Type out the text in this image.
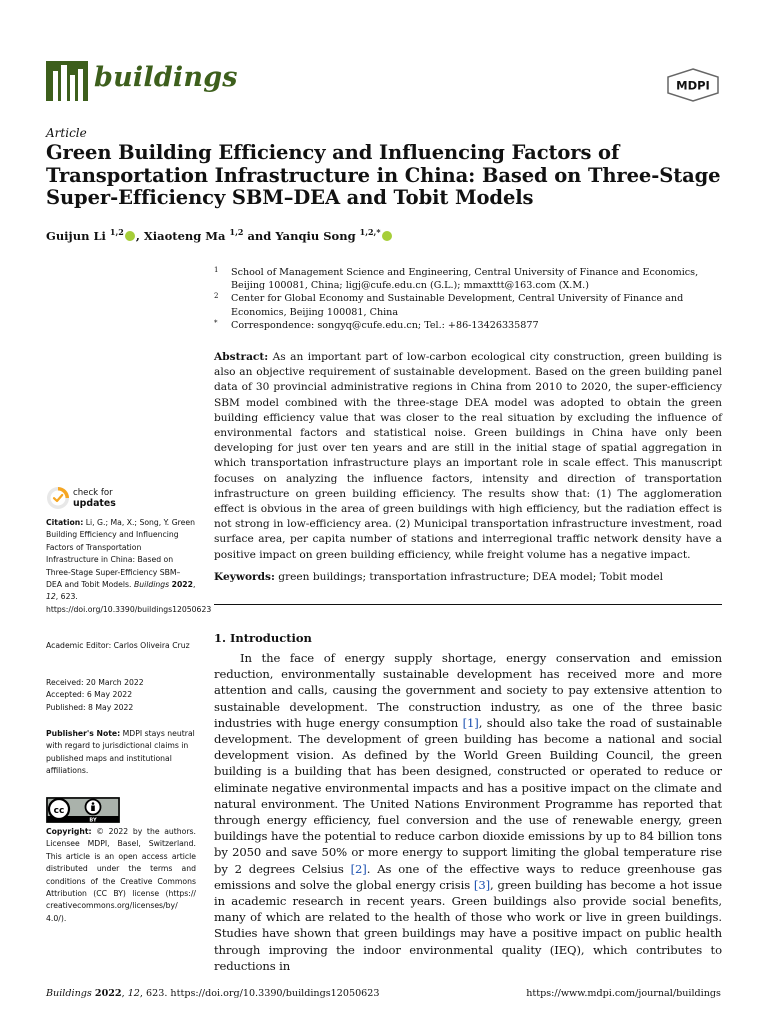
buildings	MDPI
Article
Green Building Efficiency and Influencing Factors of Transportation Infrastructure in China: Based on Three-Stage Super-Efficiency SBM–DEA and Tobit Models
Guijun Li $^{1,2}$ , Xiaoteng Ma $^{1,2}$ and Yanqiu Song $^{1,2,*}$
1 School of Management Science and Engineering, Central University of Finance and Economics, Beijing 100081, China; ligj@cufe.edu.cn (G.L.); mmaxttt@163.com (X.M.)
2 Center for Global Economy and Sustainable Development, Central University of Finance and Economics, Beijing 100081, China
* Correspondence: songyq@cufe.edu.cn; Tel.: +86-13426335877
Abstract: As an important part of low-carbon ecological city construction, green building is also an objective requirement of sustainable development. Based on the green building panel data of 30 provincial administrative regions in China from 2010 to 2020, the super-efficiency SBM model combined with the three-stage DEA model was adopted to obtain the green building efficiency value that was closer to the real situation by excluding the influence of environmental factors and statistical noise. Green buildings in China have only been developing for just over ten years and are still in the initial stage of spatial aggregation in which transportation infrastructure plays an important role in scale effect. This manuscript focuses on analyzing the influence factors, intensity and direction of transportation infrastructure on green building efficiency. The results show that: (1) The agglomeration effect is obvious in the area of green buildings with high efficiency, but the radiation effect is not strong in low-efficiency area. (2) Municipal transportation infrastructure investment, road surface area, per capita number of stations and interregional traffic network density have a positive impact on green building efficiency, while freight volume has a negative impact.
Keywords: green buildings; transportation infrastructure; DEA model; Tobit model
check for
updates
Citation: Li, G.; Ma, X.; Song, Y. Green Building Efficiency and Influencing Factors of Transportation Infrastructure in China: Based on Three-Stage Super-Efficiency SBM–DEA and Tobit Models. Buildings 2022, 12, 623. https://doi.org/10.3390/buildings12050623
Academic Editor: Carlos Oliveira Cruz
Received: 20 March 2022
Accepted: 6 May 2022
Published: 8 May 2022
Publisher's Note: MDPI stays neutral with regard to jurisdictional claims in published maps and institutional affiliations.
cc
BY
Copyright: © 2022 by the authors. Licensee MDPI, Basel, Switzerland. This article is an open access article distributed under the terms and conditions of the Creative Commons Attribution (CC BY) license (https:// creativecommons.org/licenses/by/ 4.0/).
1. Introduction
In the face of energy supply shortage, energy conservation and emission reduction, environmentally sustainable development has received more and more attention and calls, causing the government and society to pay extensive attention to sustainable development. The construction industry, as one of the three basic industries with huge energy consumption [1], should also take the road of sustainable development. The development of green building has become a national and social development vision. As defined by the World Green Building Council, the green building is a building that has been designed, constructed or operated to reduce or eliminate negative environmental impacts and has a positive impact on the climate and natural environment. The United Nations Environment Programme has reported that through energy efficiency, fuel conversion and the use of renewable energy, green buildings have the potential to reduce carbon dioxide emissions by up to 84 billion tons by 2050 and save 50% or more energy to support limiting the global temperature rise by 2 degrees Celsius [2]. As one of the effective ways to reduce greenhouse gas emissions and solve the global energy crisis [3], green building has become a hot issue in academic research in recent years. Green buildings also provide social benefits, many of which are related to the health of those who work or live in green buildings. Studies have shown that green buildings may have a positive impact on public health through improving the indoor environmental quality (IEQ), which contributes to reductions in
Buildings 2022, 12, 623. https://doi.org/10.3390/buildings12050623	https://www.mdpi.com/journal/buildings
